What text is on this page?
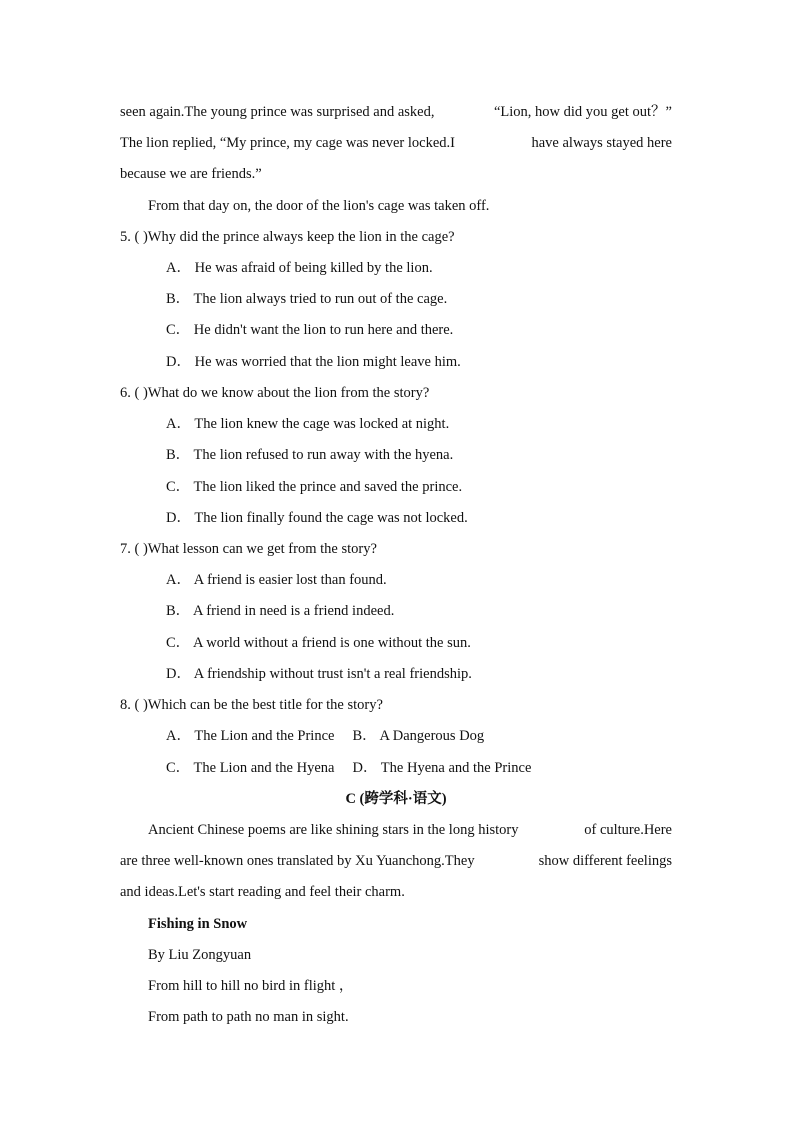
seen again.The young prince was surprised and asked,	“Lion, how did you get out？”
The lion replied, “My prince, my cage was never locked.I	have always stayed here
because we are friends.”
From that day on, the door of the lion's cage was taken off.
5. ( )Why did the prince always keep the lion in the cage?
A． He was afraid of being killed by the lion.
B． The lion always tried to run out of the cage.
C． He didn't want the lion to run here and there.
D． He was worried that the lion might leave him.
6. ( )What do we know about the lion from the story?
A． The lion knew the cage was locked at night.
B． The lion refused to run away with the hyena.
C． The lion liked the prince and saved the prince.
D． The lion finally found the cage was not locked.
7. ( )What lesson can we get from the story?
A． A friend is easier lost than found.
B． A friend in need is a friend indeed.
C． A world without a friend is one without the sun.
D． A friendship without trust isn't a real friendship.
8. ( )Which can be the best title for the story?
A． The Lion and the Prince B． A Dangerous Dog
C． The Lion and the Hyena D． The Hyena and the Prince
C (跨学科·语文)
Ancient Chinese poems are like shining stars in the long history	of culture.Here
are three well-known ones translated by Xu Yuanchong.They	show different feelings
and ideas.Let's start reading and feel their charm.
Fishing in Snow
By Liu Zongyuan
From hill to hill no bird in flight ，
From path to path no man in sight.
